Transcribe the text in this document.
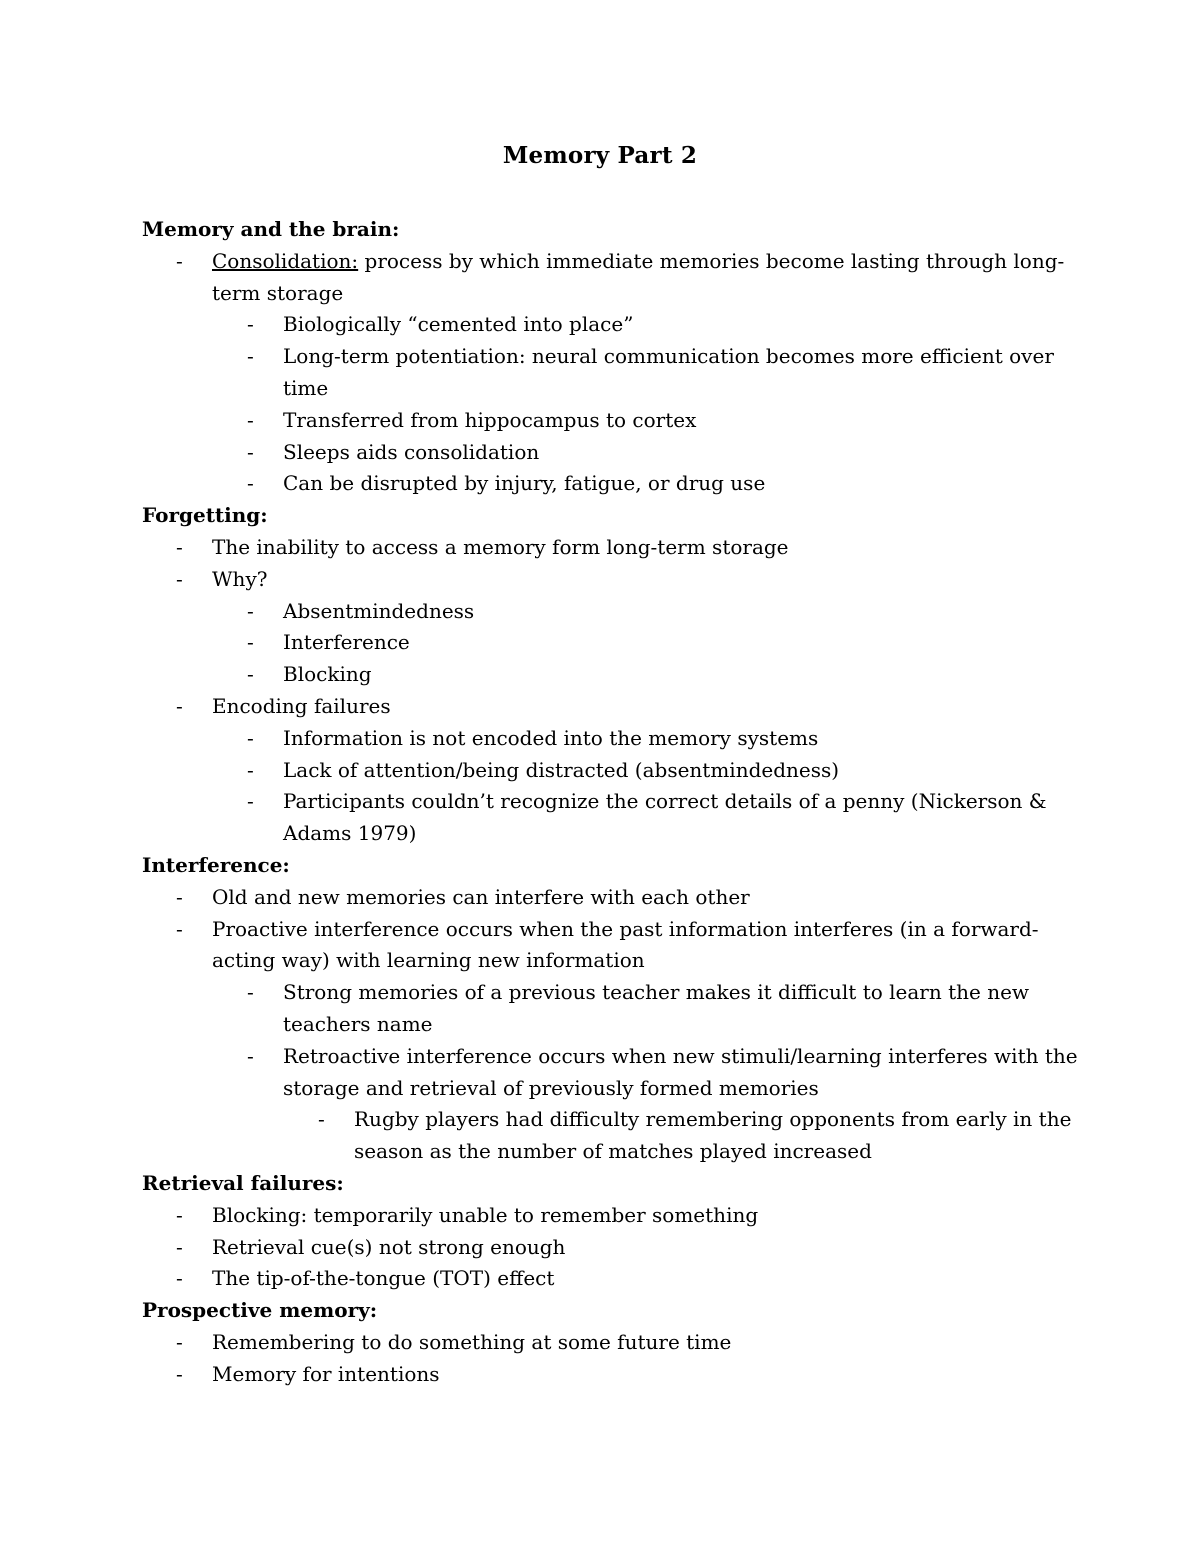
Memory Part 2
Memory and the brain:
- Consolidation: process by which immediate memories become lasting through long-term storage
- Biologically “cemented into place”
- Long-term potentiation: neural communication becomes more efficient over time
- Transferred from hippocampus to cortex
- Sleeps aids consolidation
- Can be disrupted by injury, fatigue, or drug use
Forgetting:
- The inability to access a memory form long-term storage
- Why?
- Absentmindedness
- Interference
- Blocking
- Encoding failures
- Information is not encoded into the memory systems
- Lack of attention/being distracted (absentmindedness)
- Participants couldn’t recognize the correct details of a penny (Nickerson & Adams 1979)
Interference:
- Old and new memories can interfere with each other
- Proactive interference occurs when the past information interferes (in a forward-acting way) with learning new information
- Strong memories of a previous teacher makes it difficult to learn the new teachers name
- Retroactive interference occurs when new stimuli/learning interferes with the storage and retrieval of previously formed memories
- Rugby players had difficulty remembering opponents from early in the season as the number of matches played increased
Retrieval failures:
- Blocking: temporarily unable to remember something
- Retrieval cue(s) not strong enough
- The tip-of-the-tongue (TOT) effect
Prospective memory:
- Remembering to do something at some future time
- Memory for intentions
